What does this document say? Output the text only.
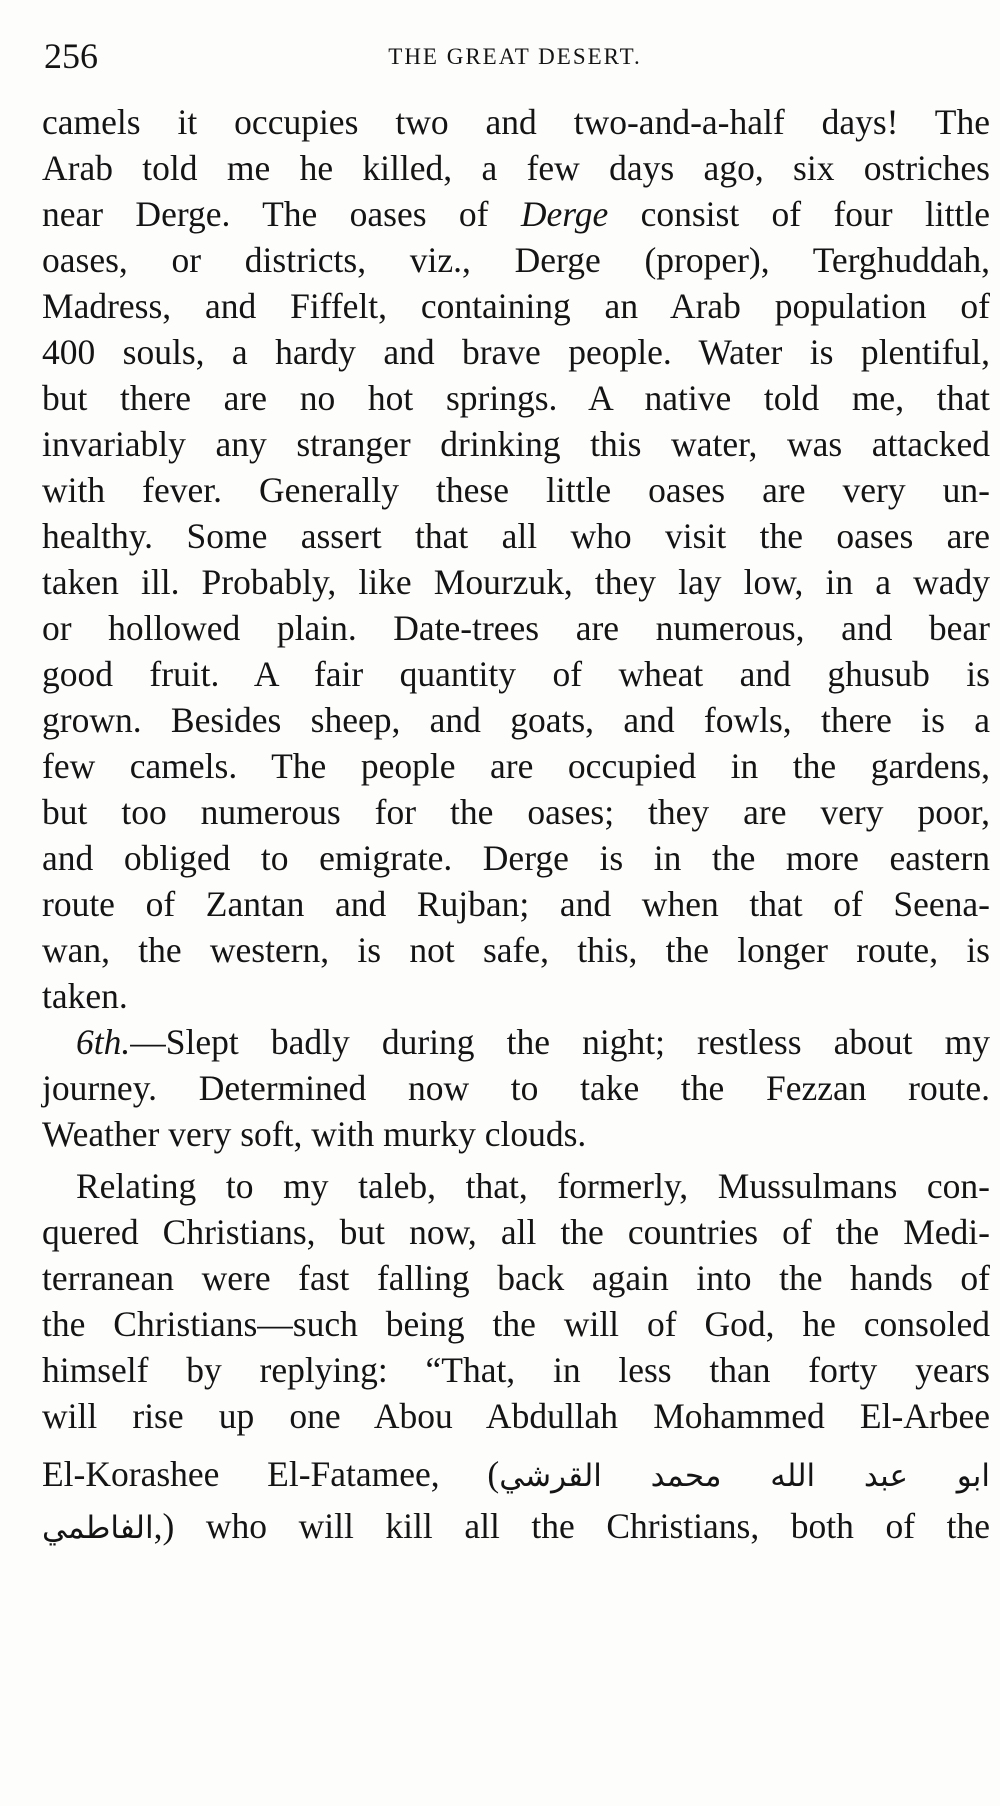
256	THE GREAT DESERT.
camels it occupies two and two-and-a-half days! The
Arab told me he killed, a few days ago, six ostriches
near Derge. The oases of Derge consist of four little
oases, or districts, viz., Derge (proper), Terghuddah,
Madress, and Fiffelt, containing an Arab population of
400 souls, a hardy and brave people. Water is plentiful,
but there are no hot springs. A native told me, that
invariably any stranger drinking this water, was attacked
with fever. Generally these little oases are very un-
healthy. Some assert that all who visit the oases are
taken ill. Probably, like Mourzuk, they lay low, in a wady
or hollowed plain. Date-trees are numerous, and bear
good fruit. A fair quantity of wheat and ghusub is
grown. Besides sheep, and goats, and fowls, there is a
few camels. The people are occupied in the gardens,
but too numerous for the oases; they are very poor,
and obliged to emigrate. Derge is in the more eastern
route of Zantan and Rujban; and when that of Seena-
wan, the western, is not safe, this, the longer route, is
taken.
6th.—Slept badly during the night; restless about my
journey. Determined now to take the Fezzan route.
Weather very soft, with murky clouds.
Relating to my taleb, that, formerly, Mussulmans con-
quered Christians, but now, all the countries of the Medi-
terranean were fast falling back again into the hands of
the Christians—such being the will of God, he consoled
himself by replying: “That, in less than forty years
will rise up one Abou Abdullah Mohammed El-Arbee
El-Korashee El-Fatamee, (ابو عبد الله محمد القرشي
الفاطمي,) who will kill all the Christians, both of the
